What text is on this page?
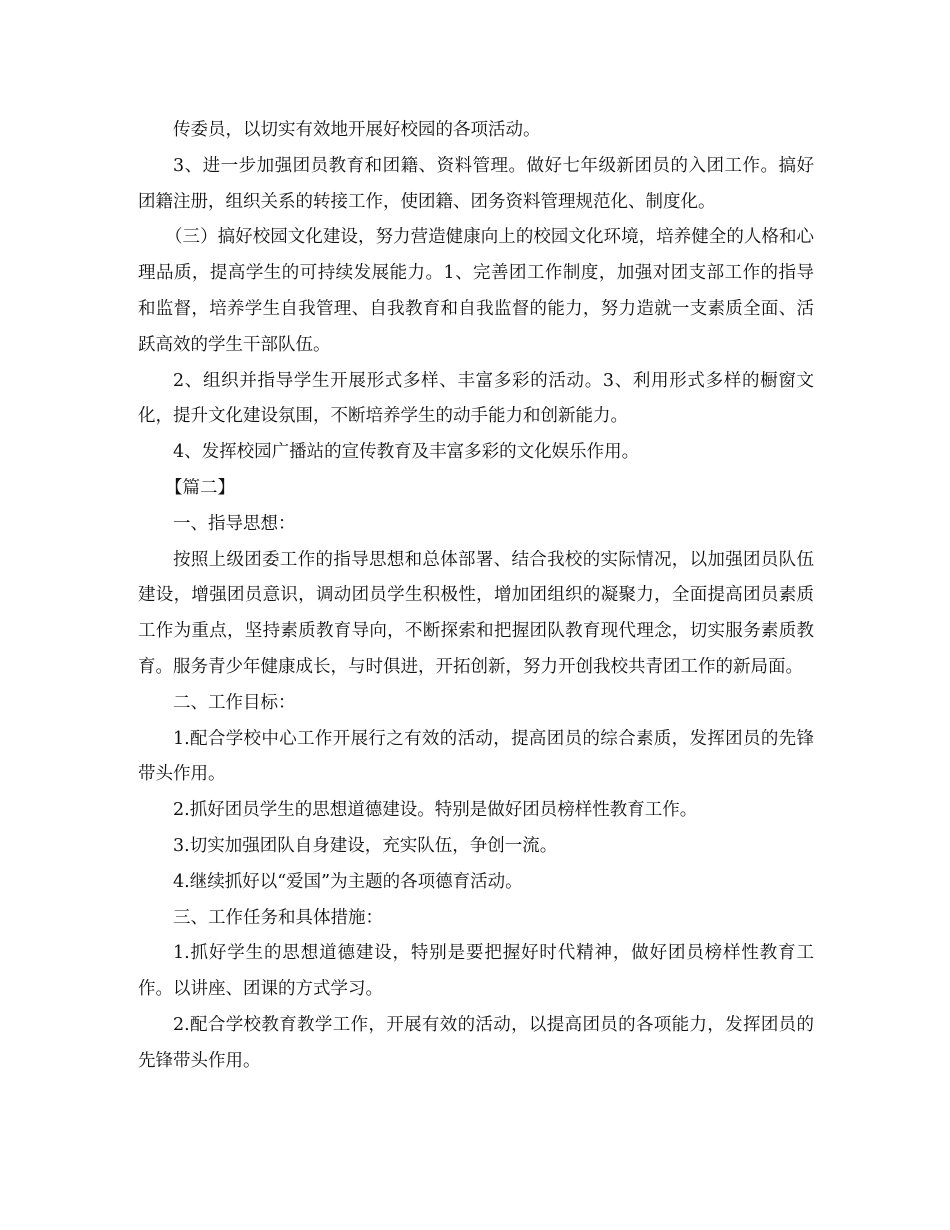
传委员，以切实有效地开展好校园的各项活动。

3、进一步加强团员教育和团籍、资料管理。做好七年级新团员的入团工作。搞好团籍注册，组织关系的转接工作，使团籍、团务资料管理规范化、制度化。

（三）搞好校园文化建设，努力营造健康向上的校园文化环境，培养健全的人格和心理品质，提高学生的可持续发展能力。1、完善团工作制度，加强对团支部工作的指导和监督，培养学生自我管理、自我教育和自我监督的能力，努力造就一支素质全面、活跃高效的学生干部队伍。

2、组织并指导学生开展形式多样、丰富多彩的活动。3、利用形式多样的橱窗文化，提升文化建设氛围，不断培养学生的动手能力和创新能力。

4、发挥校园广播站的宣传教育及丰富多彩的文化娱乐作用。

【篇二】

一、指导思想：

按照上级团委工作的指导思想和总体部署、结合我校的实际情况，以加强团员队伍建设，增强团员意识，调动团员学生积极性，增加团组织的凝聚力，全面提高团员素质工作为重点，坚持素质教育导向，不断探索和把握团队教育现代理念，切实服务素质教育。服务青少年健康成长，与时俱进，开拓创新，努力开创我校共青团工作的新局面。

二、工作目标：

1.配合学校中心工作开展行之有效的活动，提高团员的综合素质，发挥团员的先锋带头作用。

2.抓好团员学生的思想道德建设。特别是做好团员榜样性教育工作。

3.切实加强团队自身建设，充实队伍，争创一流。

4.继续抓好以“爱国”为主题的各项德育活动。

三、工作任务和具体措施：

1.抓好学生的思想道德建设，特别是要把握好时代精神，做好团员榜样性教育工作。以讲座、团课的方式学习。

2.配合学校教育教学工作，开展有效的活动，以提高团员的各项能力，发挥团员的先锋带头作用。
